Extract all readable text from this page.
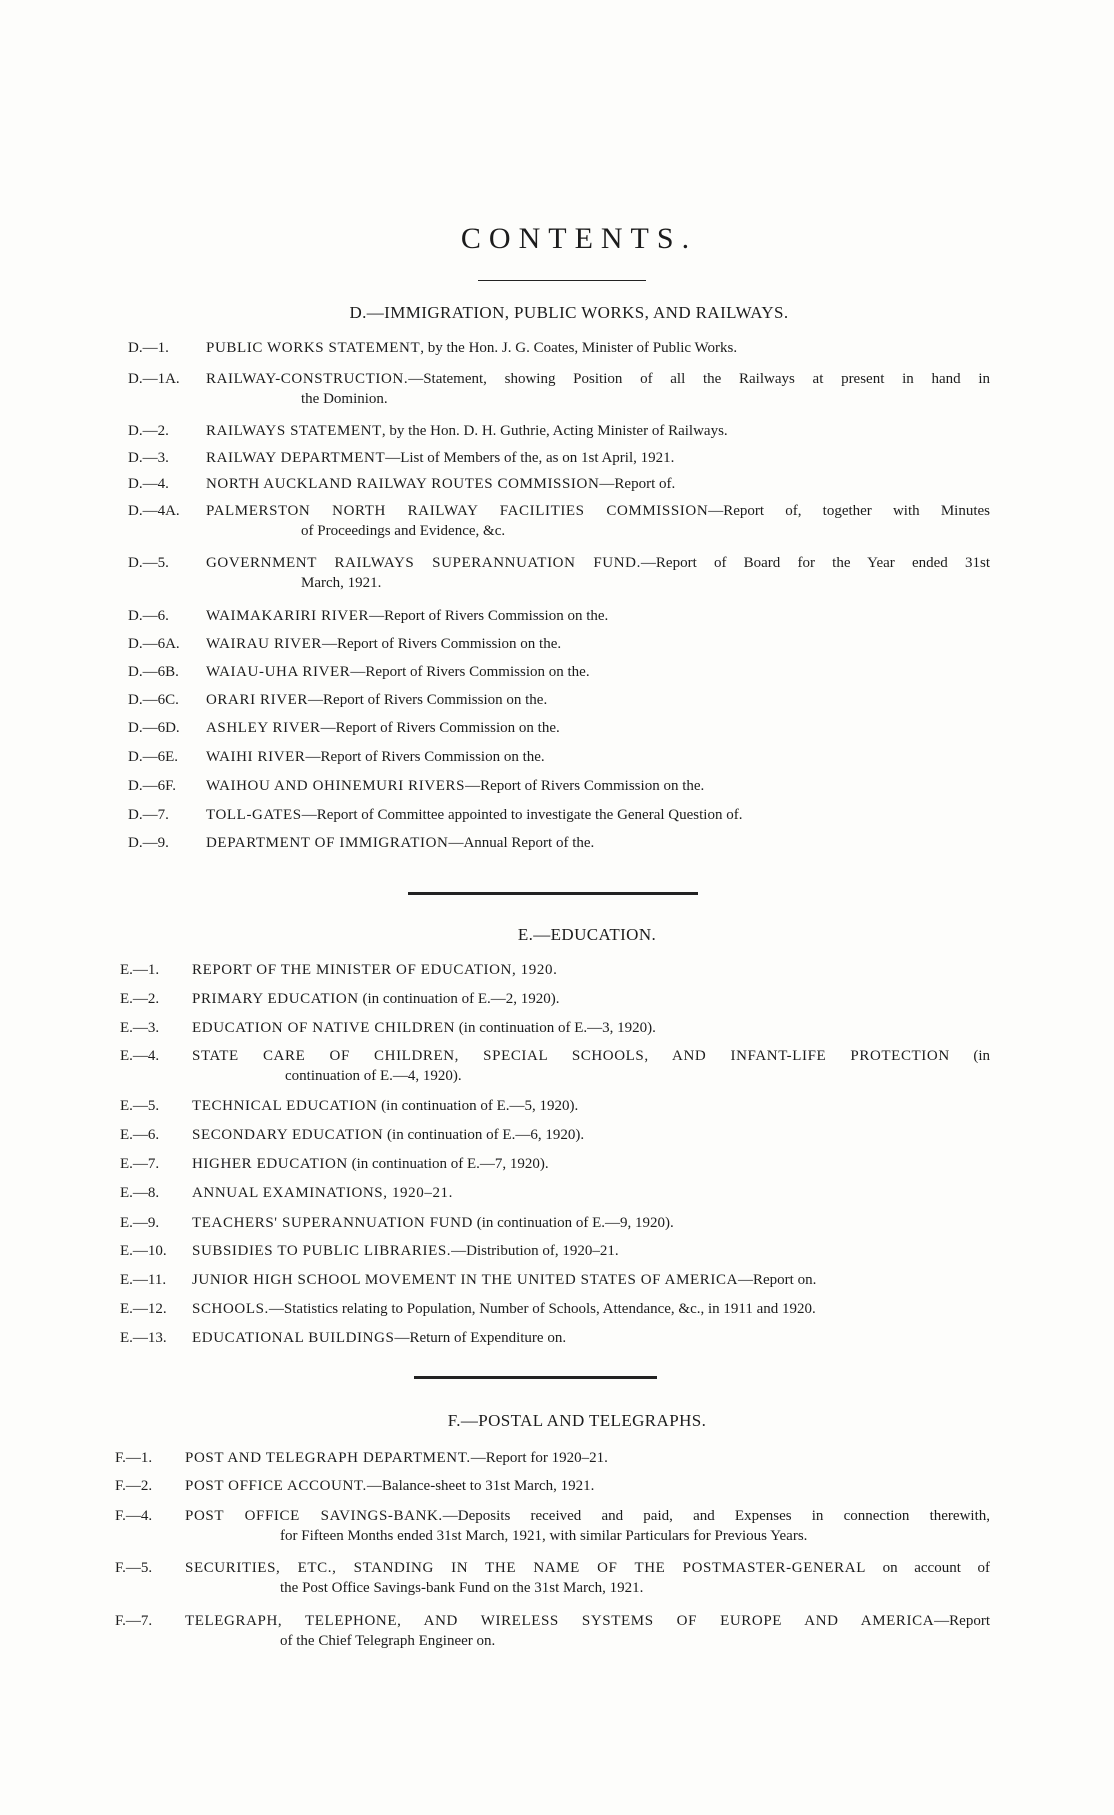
CONTENTS.
D.—IMMIGRATION, PUBLIC WORKS, AND RAILWAYS.
D.—1. PUBLIC WORKS STATEMENT, by the Hon. J. G. Coates, Minister of Public Works.
D.—1A. RAILWAY-CONSTRUCTION.—Statement, showing Position of all the Railways at present in hand in
the Dominion.
D.—2. RAILWAYS STATEMENT, by the Hon. D. H. Guthrie, Acting Minister of Railways.
D.—3. RAILWAY DEPARTMENT—List of Members of the, as on 1st April, 1921.
D.—4. NORTH AUCKLAND RAILWAY ROUTES COMMISSION—Report of.
D.—4A. PALMERSTON NORTH RAILWAY FACILITIES COMMISSION—Report of, together with Minutes
of Proceedings and Evidence, &c.
D.—5. GOVERNMENT RAILWAYS SUPERANNUATION FUND.—Report of Board for the Year ended 31st
March, 1921.
D.—6. WAIMAKARIRI RIVER—Report of Rivers Commission on the.
D.—6A. WAIRAU RIVER—Report of Rivers Commission on the.
D.—6B. WAIAU-UHA RIVER—Report of Rivers Commission on the.
D.—6C. ORARI RIVER—Report of Rivers Commission on the.
D.—6D. ASHLEY RIVER—Report of Rivers Commission on the.
D.—6E. WAIHI RIVER—Report of Rivers Commission on the.
D.—6F. WAIHOU AND OHINEMURI RIVERS—Report of Rivers Commission on the.
D.—7. TOLL-GATES—Report of Committee appointed to investigate the General Question of.
D.—9. DEPARTMENT OF IMMIGRATION—Annual Report of the.
E.—EDUCATION.
E.—1. REPORT OF THE MINISTER OF EDUCATION, 1920.
E.—2. PRIMARY EDUCATION (in continuation of E.—2, 1920).
E.—3. EDUCATION OF NATIVE CHILDREN (in continuation of E.—3, 1920).
E.—4. STATE CARE OF CHILDREN, SPECIAL SCHOOLS, AND INFANT-LIFE PROTECTION (in
continuation of E.—4, 1920).
E.—5. TECHNICAL EDUCATION (in continuation of E.—5, 1920).
E.—6. SECONDARY EDUCATION (in continuation of E.—6, 1920).
E.—7. HIGHER EDUCATION (in continuation of E.—7, 1920).
E.—8. ANNUAL EXAMINATIONS, 1920–21.
E.—9. TEACHERS' SUPERANNUATION FUND (in continuation of E.—9, 1920).
E.—10. SUBSIDIES TO PUBLIC LIBRARIES.—Distribution of, 1920–21.
E.—11. JUNIOR HIGH SCHOOL MOVEMENT IN THE UNITED STATES OF AMERICA—Report on.
E.—12. SCHOOLS.—Statistics relating to Population, Number of Schools, Attendance, &c., in 1911 and 1920.
E.—13. EDUCATIONAL BUILDINGS—Return of Expenditure on.
F.—POSTAL AND TELEGRAPHS.
F.—1. POST AND TELEGRAPH DEPARTMENT.—Report for 1920–21.
F.—2. POST OFFICE ACCOUNT.—Balance-sheet to 31st March, 1921.
F.—4. POST OFFICE SAVINGS-BANK.—Deposits received and paid, and Expenses in connection therewith,
for Fifteen Months ended 31st March, 1921, with similar Particulars for Previous Years.
F.—5. SECURITIES, ETC., STANDING IN THE NAME OF THE POSTMASTER-GENERAL on account of
the Post Office Savings-bank Fund on the 31st March, 1921.
F.—7. TELEGRAPH, TELEPHONE, AND WIRELESS SYSTEMS OF EUROPE AND AMERICA—Report
of the Chief Telegraph Engineer on.
